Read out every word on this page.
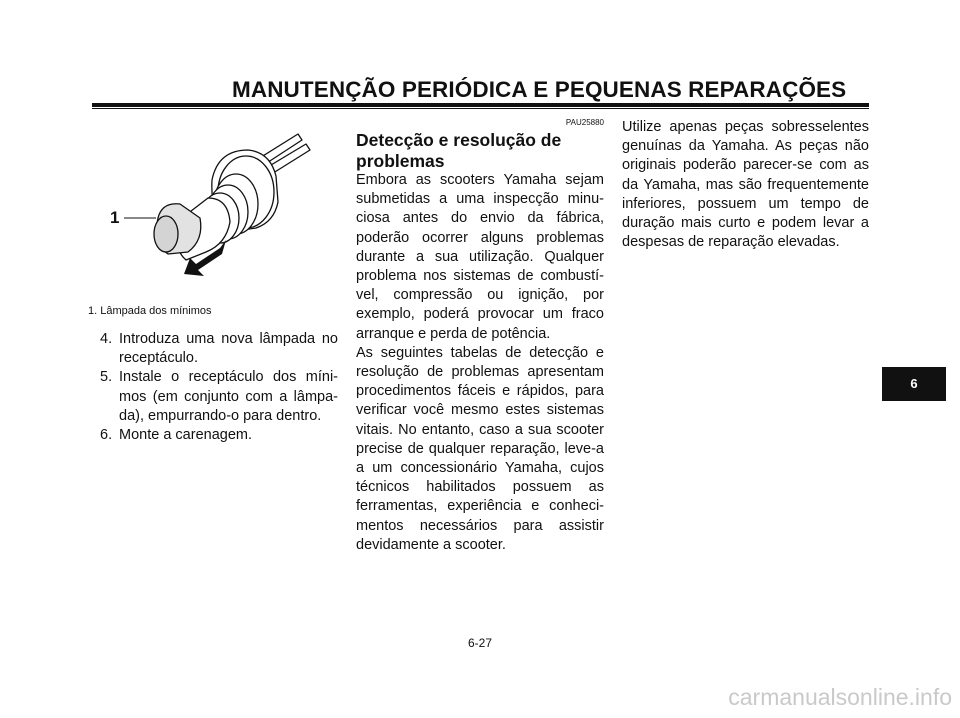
MANUTENÇÃO PERIÓDICA E PEQUENAS REPARAÇÕES
1
1. Lâmpada dos mínimos
4. Introduza uma nova lâmpada no receptáculo.
5. Instale o receptáculo dos míni-mos (em conjunto com a lâmpa-da), empurrando-o para dentro.
6. Monte a carenagem.
PAU25880
Detecção e resolução de problemas

Embora as scooters Yamaha sejam submetidas a uma inspecção minu-ciosa antes do envio da fábrica, poderão ocorrer alguns problemas durante a sua utilização. Qualquer problema nos sistemas de combustí-vel, compressão ou ignição, por exemplo, poderá provocar um fraco arranque e perda de potência.

As seguintes tabelas de detecção e resolução de problemas apresentam procedimentos fáceis e rápidos, para verificar você mesmo estes sistemas vitais. No entanto, caso a sua scooter precise de qualquer reparação, leve-a a um concessionário Yamaha, cujos técnicos habilitados possuem as ferramentas, experiência e conheci-mentos necessários para assistir devidamente a scooter.

Utilize apenas peças sobresselentes genuínas da Yamaha. As peças não originais poderão parecer-se com as da Yamaha, mas são frequentemente inferiores, possuem um tempo de duração mais curto e podem levar a despesas de reparação elevadas.

6
6-27
carmanualsonline.info
